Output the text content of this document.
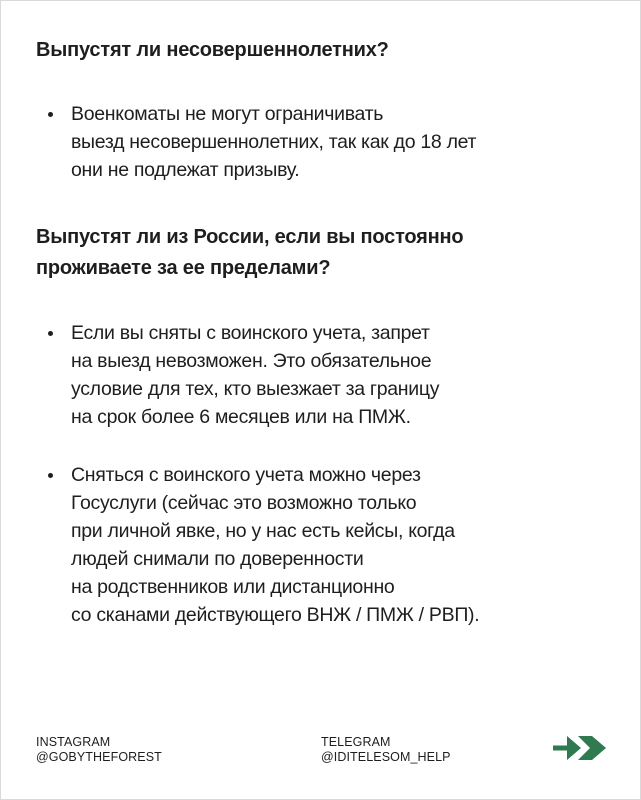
Выпустят ли несовершеннолетних?
Военкоматы не могут ограничивать
выезд несовершеннолетних, так как до 18 лет
они не подлежат призыву.
Выпустят ли из России, если вы постоянно
проживаете за ее пределами?
Если вы сняты с воинского учета, запрет
на выезд невозможен. Это обязательное
условие для тех, кто выезжает за границу
на срок более 6 месяцев или на ПМЖ.
Сняться с воинского учета можно через
Госуслуги (сейчас это возможно только
при личной явке, но у нас есть кейсы, когда
людей снимали по доверенности
на родственников или дистанционно
со сканами действующего ВНЖ / ПМЖ / РВП).
INSTAGRAM
@GOBYTHEFOREST
TELEGRAM
@IDITELESOM_HELP
